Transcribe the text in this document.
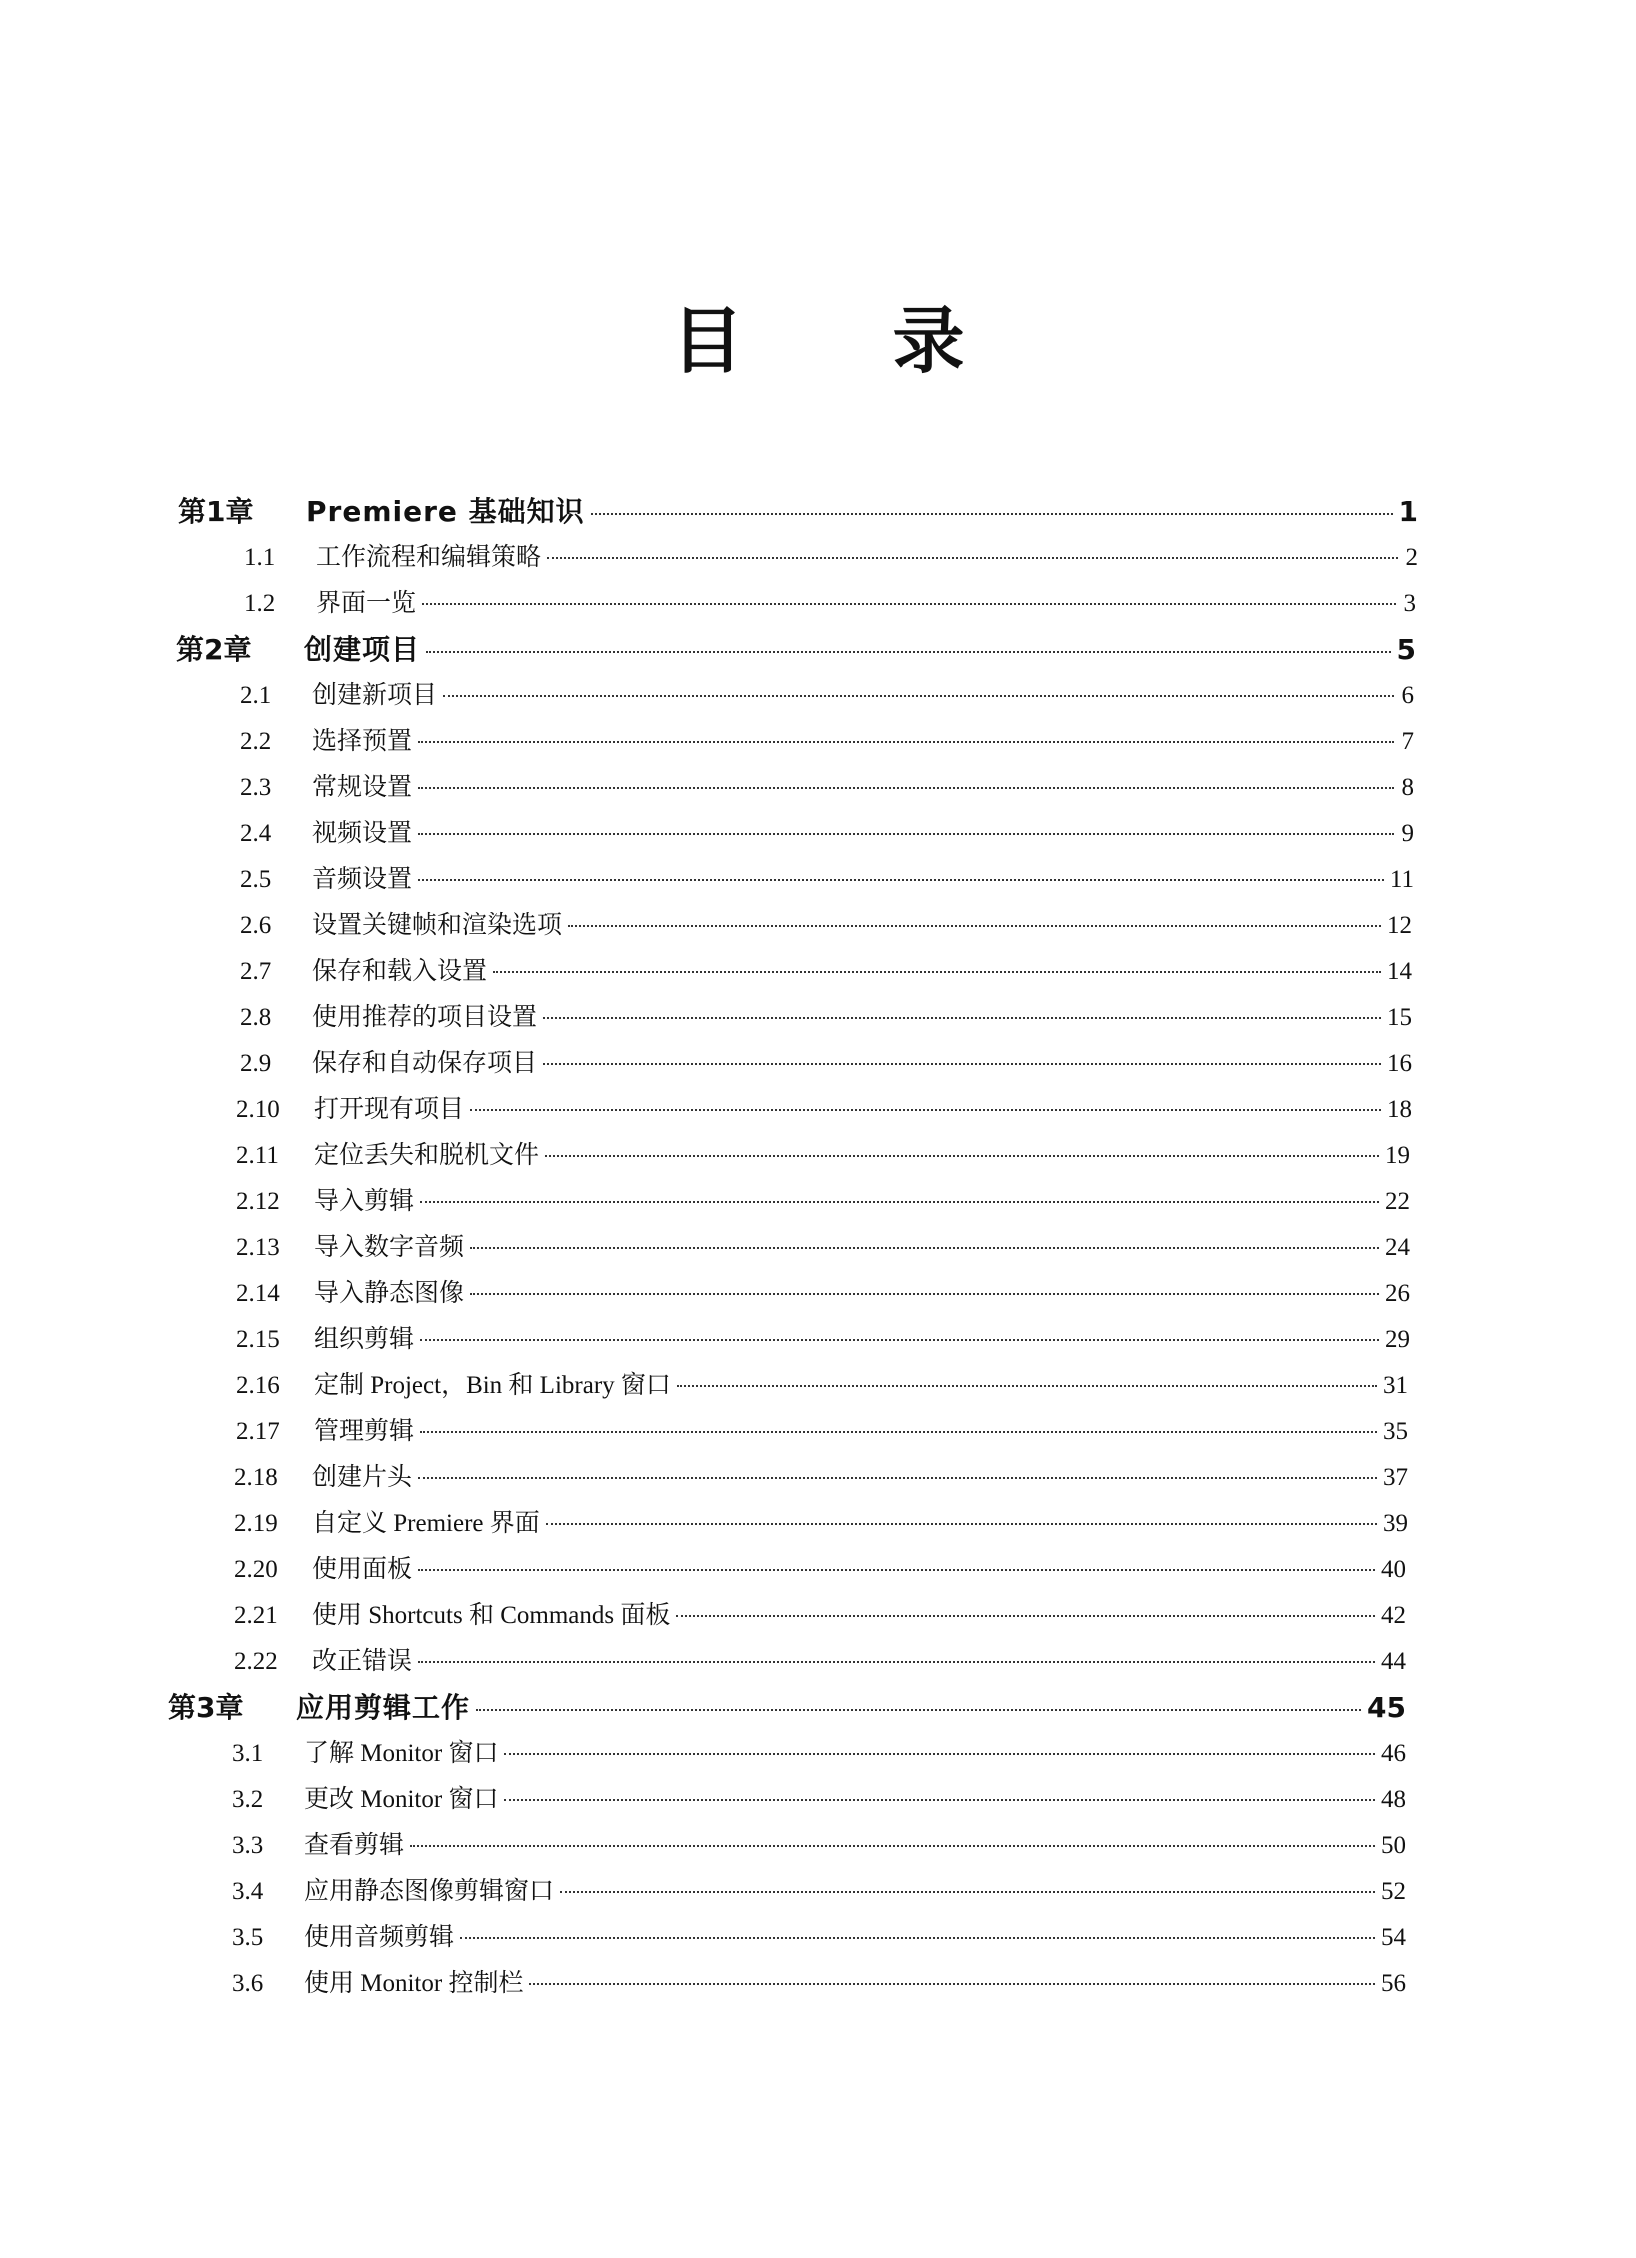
目 录
第1章	Premiere 基础知识	1
1.1	工作流程和编辑策略	2
1.2	界面一览	3
第2章	创建项目	5
2.1	创建新项目	6
2.2	选择预置	7
2.3	常规设置	8
2.4	视频设置	9
2.5	音频设置	11
2.6	设置关键帧和渲染选项	12
2.7	保存和载入设置	14
2.8	使用推荐的项目设置	15
2.9	保存和自动保存项目	16
2.10	打开现有项目	18
2.11	定位丢失和脱机文件	19
2.12	导入剪辑	22
2.13	导入数字音频	24
2.14	导入静态图像	26
2.15	组织剪辑	29
2.16	定制 Project，Bin 和 Library 窗口	31
2.17	管理剪辑	35
2.18	创建片头	37
2.19	自定义 Premiere 界面	39
2.20	使用面板	40
2.21	使用 Shortcuts 和 Commands 面板	42
2.22	改正错误	44
第3章	应用剪辑工作	45
3.1	了解 Monitor 窗口	46
3.2	更改 Monitor 窗口	48
3.3	查看剪辑	50
3.4	应用静态图像剪辑窗口	52
3.5	使用音频剪辑	54
3.6	使用 Monitor 控制栏	56
